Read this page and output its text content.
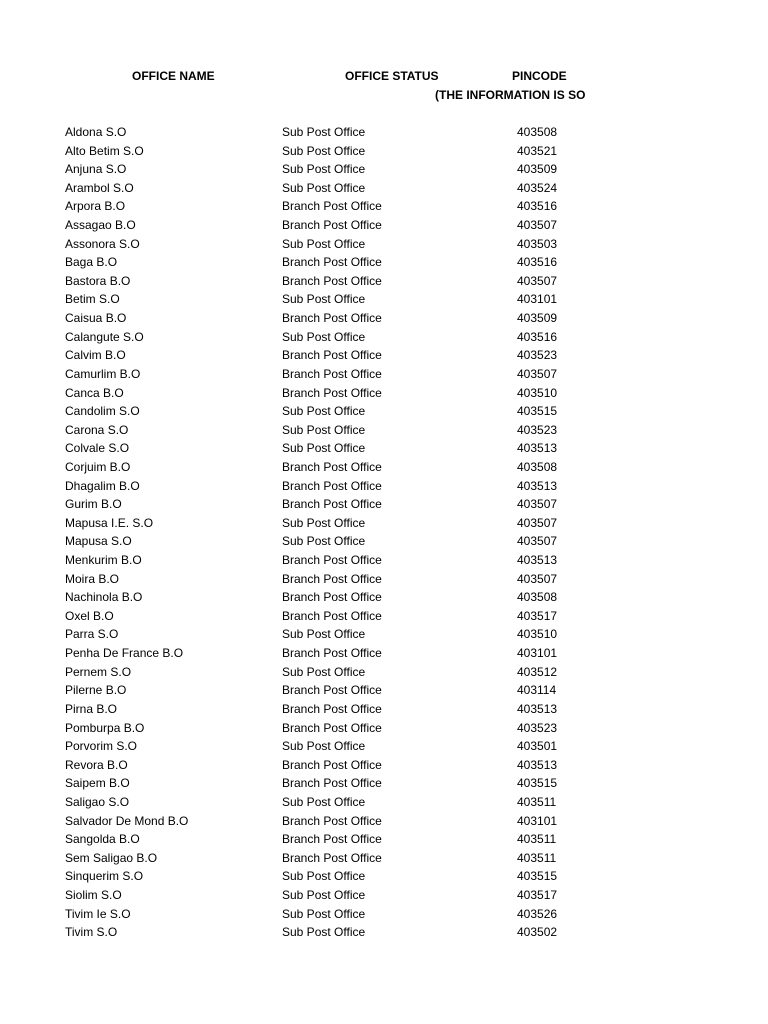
OFFICE NAME	OFFICE STATUS	PINCODE
(THE INFORMATION IS SO
Aldona S.O	Sub Post Office	403508
Alto Betim S.O	Sub Post Office	403521
Anjuna S.O	Sub Post Office	403509
Arambol S.O	Sub Post Office	403524
Arpora B.O	Branch Post Office	403516
Assagao B.O	Branch Post Office	403507
Assonora S.O	Sub Post Office	403503
Baga B.O	Branch Post Office	403516
Bastora B.O	Branch Post Office	403507
Betim S.O	Sub Post Office	403101
Caisua B.O	Branch Post Office	403509
Calangute S.O	Sub Post Office	403516
Calvim B.O	Branch Post Office	403523
Camurlim B.O	Branch Post Office	403507
Canca B.O	Branch Post Office	403510
Candolim S.O	Sub Post Office	403515
Carona S.O	Sub Post Office	403523
Colvale S.O	Sub Post Office	403513
Corjuim B.O	Branch Post Office	403508
Dhagalim B.O	Branch Post Office	403513
Gurim B.O	Branch Post Office	403507
Mapusa I.E. S.O	Sub Post Office	403507
Mapusa S.O	Sub Post Office	403507
Menkurim B.O	Branch Post Office	403513
Moira B.O	Branch Post Office	403507
Nachinola B.O	Branch Post Office	403508
Oxel B.O	Branch Post Office	403517
Parra S.O	Sub Post Office	403510
Penha De France B.O	Branch Post Office	403101
Pernem S.O	Sub Post Office	403512
Pilerne B.O	Branch Post Office	403114
Pirna B.O	Branch Post Office	403513
Pomburpa B.O	Branch Post Office	403523
Porvorim S.O	Sub Post Office	403501
Revora B.O	Branch Post Office	403513
Saipem B.O	Branch Post Office	403515
Saligao S.O	Sub Post Office	403511
Salvador De Mond B.O	Branch Post Office	403101
Sangolda B.O	Branch Post Office	403511
Sem Saligao B.O	Branch Post Office	403511
Sinquerim S.O	Sub Post Office	403515
Siolim S.O	Sub Post Office	403517
Tivim Ie S.O	Sub Post Office	403526
Tivim S.O	Sub Post Office	403502
